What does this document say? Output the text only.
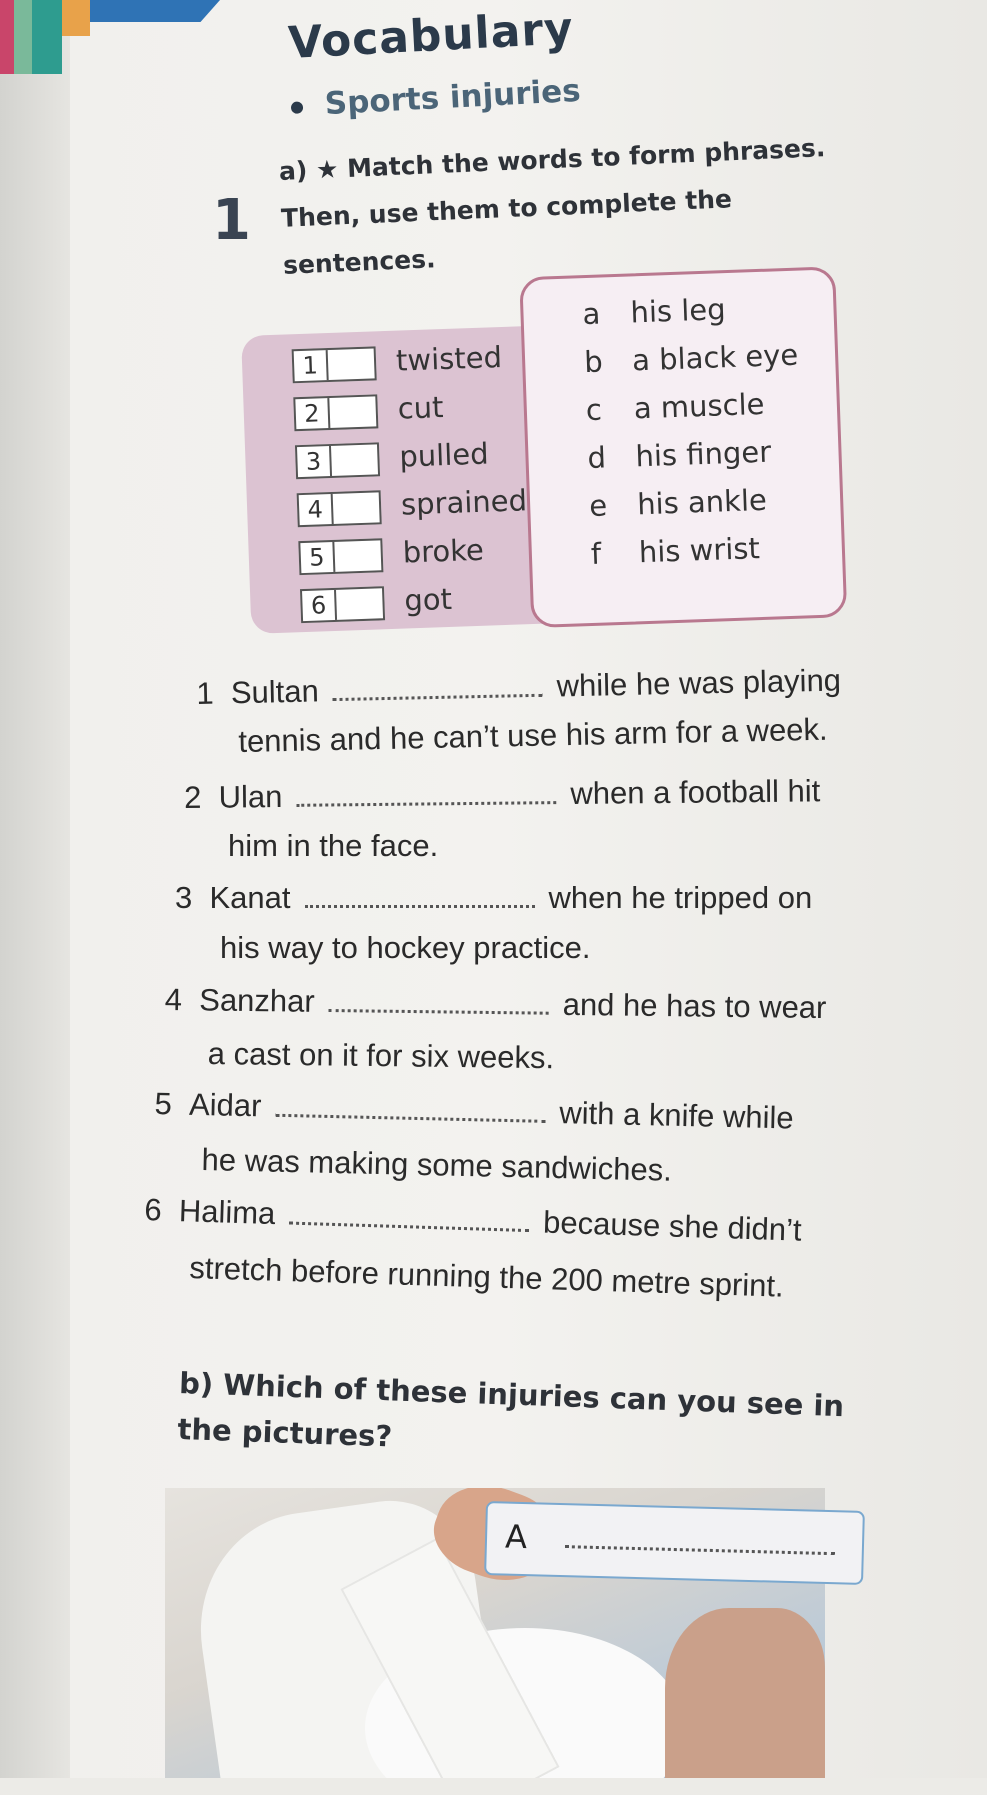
Vocabulary
Sports injuries
1
a) ★ Match the words to form phrases. Then, use them to complete the sentences.
1	twisted
2	cut
3	pulled
4	sprained
5	broke
6	got
a his leg
b a black eye
c a muscle
d his finger
e his ankle
f his wrist
1 Sultan	while he was playing
tennis and he can’t use his arm for a week.
2 Ulan	when a football hit
him in the face.
3 Kanat	when he tripped on
his way to hockey practice.
4 Sanzhar	and he has to wear
a cast on it for six weeks.
5 Aidar	with a knife while
he was making some sandwiches.
6 Halima	because she didn’t
stretch before running the 200 metre sprint.
b) Which of these injuries can you see in the pictures?
A
